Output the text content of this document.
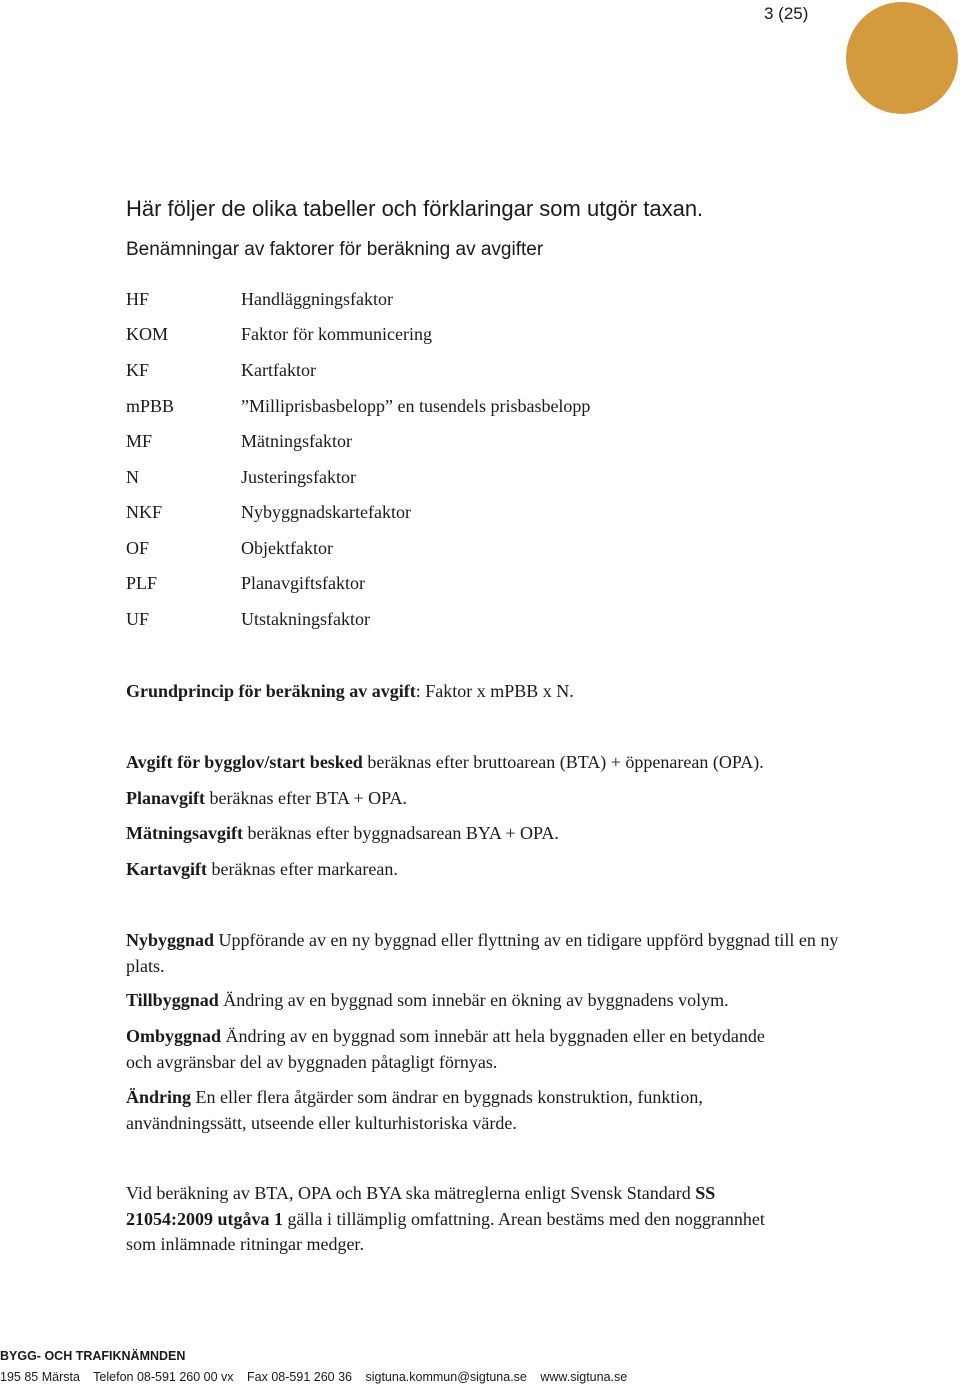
3 (25)
Här följer de olika tabeller och förklaringar som utgör taxan.
Benämningar av faktorer för beräkning av avgifter
HF	Handläggningsfaktor
KOM	Faktor för kommunicering
KF	Kartfaktor
mPBB	”Milliprisbasbelopp” en tusendels prisbasbelopp
MF	Mätningsfaktor
N	Justeringsfaktor
NKF	Nybyggnadskartefaktor
OF	Objektfaktor
PLF	Planavgiftsfaktor
UF	Utstakningsfaktor
Grundprincip för beräkning av avgift: Faktor x mPBB x N.
Avgift för bygglov/start besked beräknas efter bruttoarean (BTA) + öppenarean (OPA).
Planavgift beräknas efter BTA + OPA.
Mätningsavgift beräknas efter byggnadsarean BYA + OPA.
Kartavgift beräknas efter markarean.
Nybyggnad Uppförande av en ny byggnad eller flyttning av en tidigare uppförd byggnad till en ny plats.
Tillbyggnad Ändring av en byggnad som innebär en ökning av byggnadens volym.
Ombyggnad Ändring av en byggnad som innebär att hela byggnaden eller en betydande och avgränsbar del av byggnaden påtagligt förnyas.
Ändring En eller flera åtgärder som ändrar en byggnads konstruktion, funktion, användningssätt, utseende eller kulturhistoriska värde.
Vid beräkning av BTA, OPA och BYA ska mätreglerna enligt Svensk Standard SS 21054:2009 utgåva 1 gälla i tillämplig omfattning. Arean bestäms med den noggrannhet som inlämnade ritningar medger.
BYGG- OCH TRAFIKNÄMNDEN
195 85 Märsta Telefon 08-591 260 00 vx Fax 08-591 260 36 sigtuna.kommun@sigtuna.se www.sigtuna.se
